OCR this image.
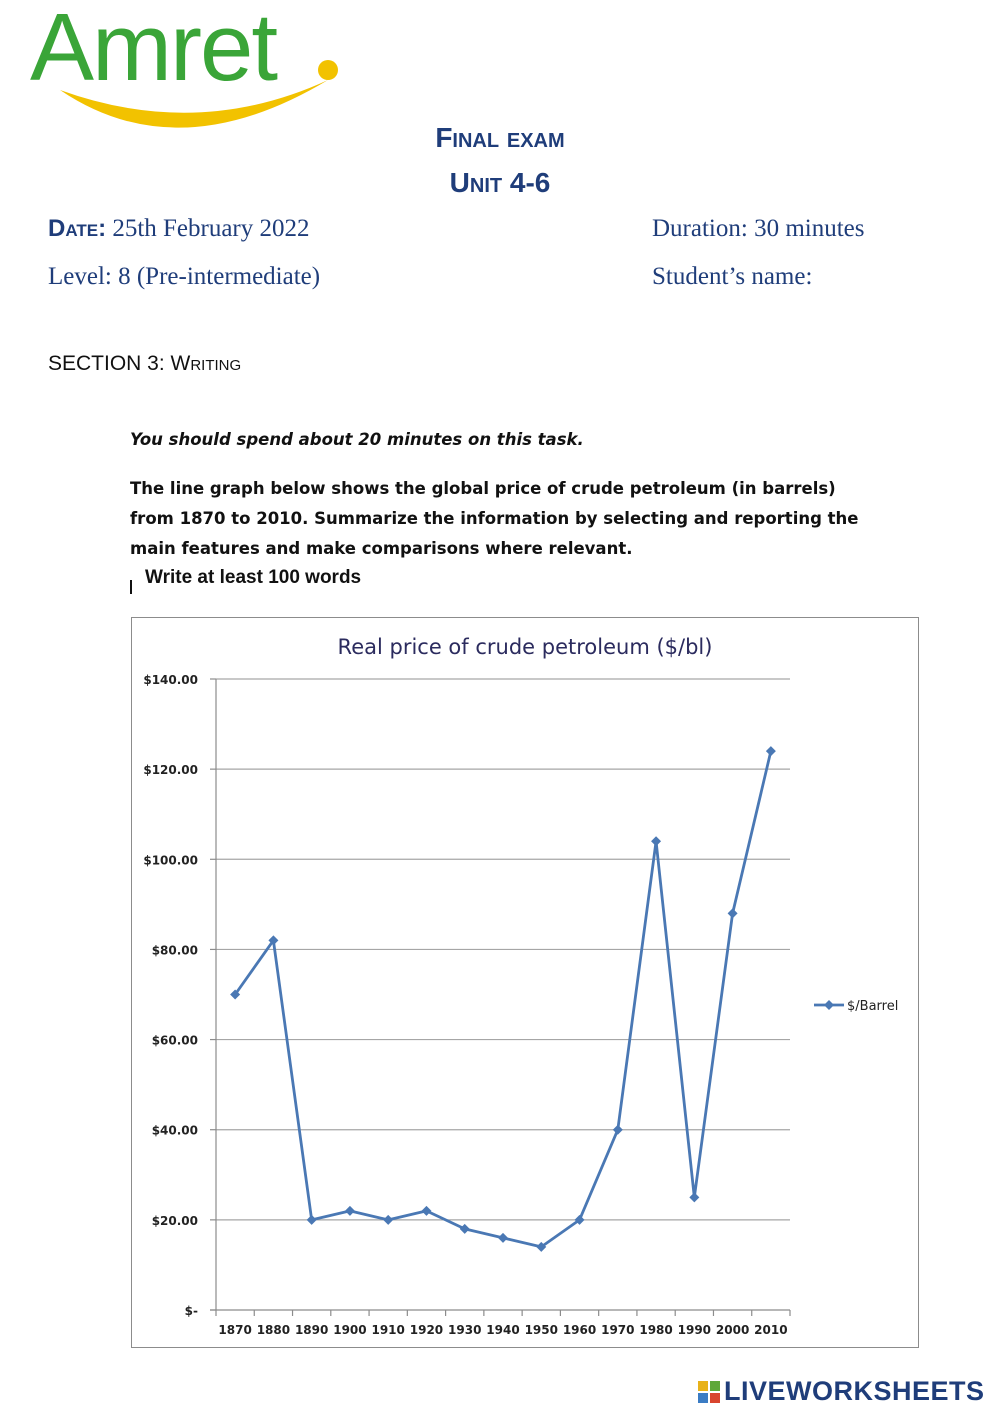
Amret
Final exam
Unit 4-6
Date: 25th February 2022	Duration: 30 minutes
Level: 8 (Pre-intermediate)	Student’s name:
SECTION 3: Writing
You should spend about 20 minutes on this task.
The line graph below shows the global price of crude petroleum (in barrels) from 1870 to 2010. Summarize the information by selecting and reporting the main features and make comparisons where relevant.
Write at least 100 words
Real price of crude petroleum ($/bl)
$-
$20.00
$40.00
$60.00
$80.00
$100.00
$120.00
$140.00
1870 1880 1890 1900 1910 1920 1930 1940 1950 1960 1970 1980 1990 2000 2010
$/Barrel
LIVEWORKSHEETS
